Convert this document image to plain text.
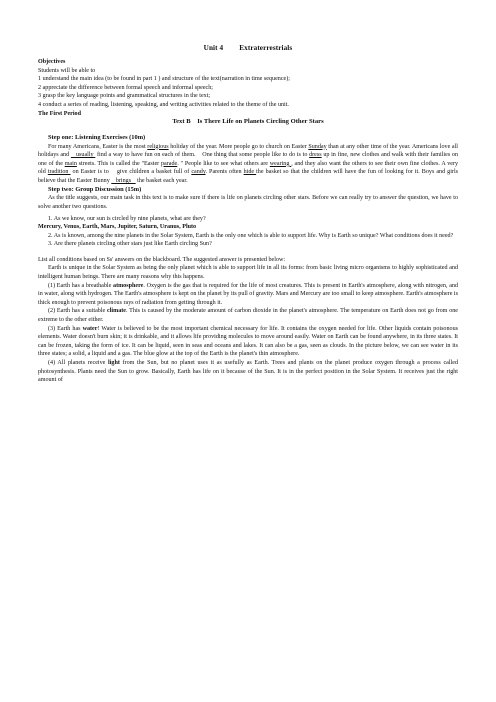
Unit 4 Extraterrestrials

Objectives

Students will be able to

1 understand the main idea (to be found in part 1 ) and structure of the text(narration in time sequence);

2 appreciate the difference between formal speech and informal speech;

3 grasp the key language points and grammatical structures in the text;

4 conduct a series of reading, listening, speaking, and writing activities related to the theme of the unit.

The First Period

Text B    Is There Life on Planets Circling Other Stars

Step one: Listening Exercises (10m)

For many Americans, Easter is the most religious holiday of the year. More people go to church on Easter Sunday than at any other time of the year. Americans love all holidays and    usually  find a way to have fun on each of them.    One thing that some people like to do is to dress up in fine, new clothes and walk with their families on one of the main streets. This is called the "Easter parade. " People like to see what others are wearing , and they also want the others to see their own fine clothes. A very old tradition  on Easter is to    give children a basket full of candy. Parents often hide the basket so that the children will have the fun of looking for it. Boys and girls believe that the Easter Bunny    brings    the basket each year.

Step two: Group Discussion (15m)

As the title suggests, our main task in this text is to make sure if there is life on planets circling other stars. Before we can really try to answer the question, we have to solve another two questions.

1. As we know, our sun is circled by nine planets, what are they?

Mercury, Venus, Earth, Mars, Jupiter, Saturn, Uranus, Pluto

2. As is known, among the nine planets in the Solar System, Earth is the only one which is able to support life. Why is Earth so unique? What conditions does it need?

3. Are there planets circling other stars just like Earth circling Sun?

List all conditions based on Ss' answers on the blackboard. The suggested answer is presented below:

Earth is unique in the Solar System as being the only planet which is able to support life in all its forms: from basic living micro organisms to highly sophisticated and intelligent human beings. There are many reasons why this happens.

(1) Earth has a breathable atmosphere. Oxygen is the gas that is required for the life of most creatures. This is present in Earth's atmosphere, along with nitrogen, and in water, along with hydrogen. The Earth's atmosphere is kept on the planet by its pull of gravity. Mars and Mercury are too small to keep atmosphere. Earth's atmosphere is thick enough to prevent poisonous rays of radiation from getting through it.

(2) Earth has a suitable climate. This is caused by the moderate amount of carbon dioxide in the planet's atmosphere. The temperature on Earth does not go from one extreme to the other either.

(3) Earth has water! Water is believed to be the most important chemical necessary for life. It contains the oxygen needed for life. Other liquids contain poisonous elements. Water doesn't burn skin; it is drinkable, and it allows life providing molecules to move around easily. Water on Earth can be found anywhere, in its three states. It can be frozen, taking the form of ice. It can be liquid, seen in seas and oceans and lakes. It can also be a gas, seen as clouds. In the picture below, we can see water in its three states; a solid, a liquid and a gas. The blue glow at the top of the Earth is the planet's thin atmosphere.

(4) All planets receive light from the Sun, but no planet uses it as usefully as Earth. Trees and plants on the planet produce oxygen through a process called photosynthesis. Plants need the Sun to grow. Basically, Earth has life on it because of the Sun. It is in the perfect position in the Solar System. It receives just the right amount of
